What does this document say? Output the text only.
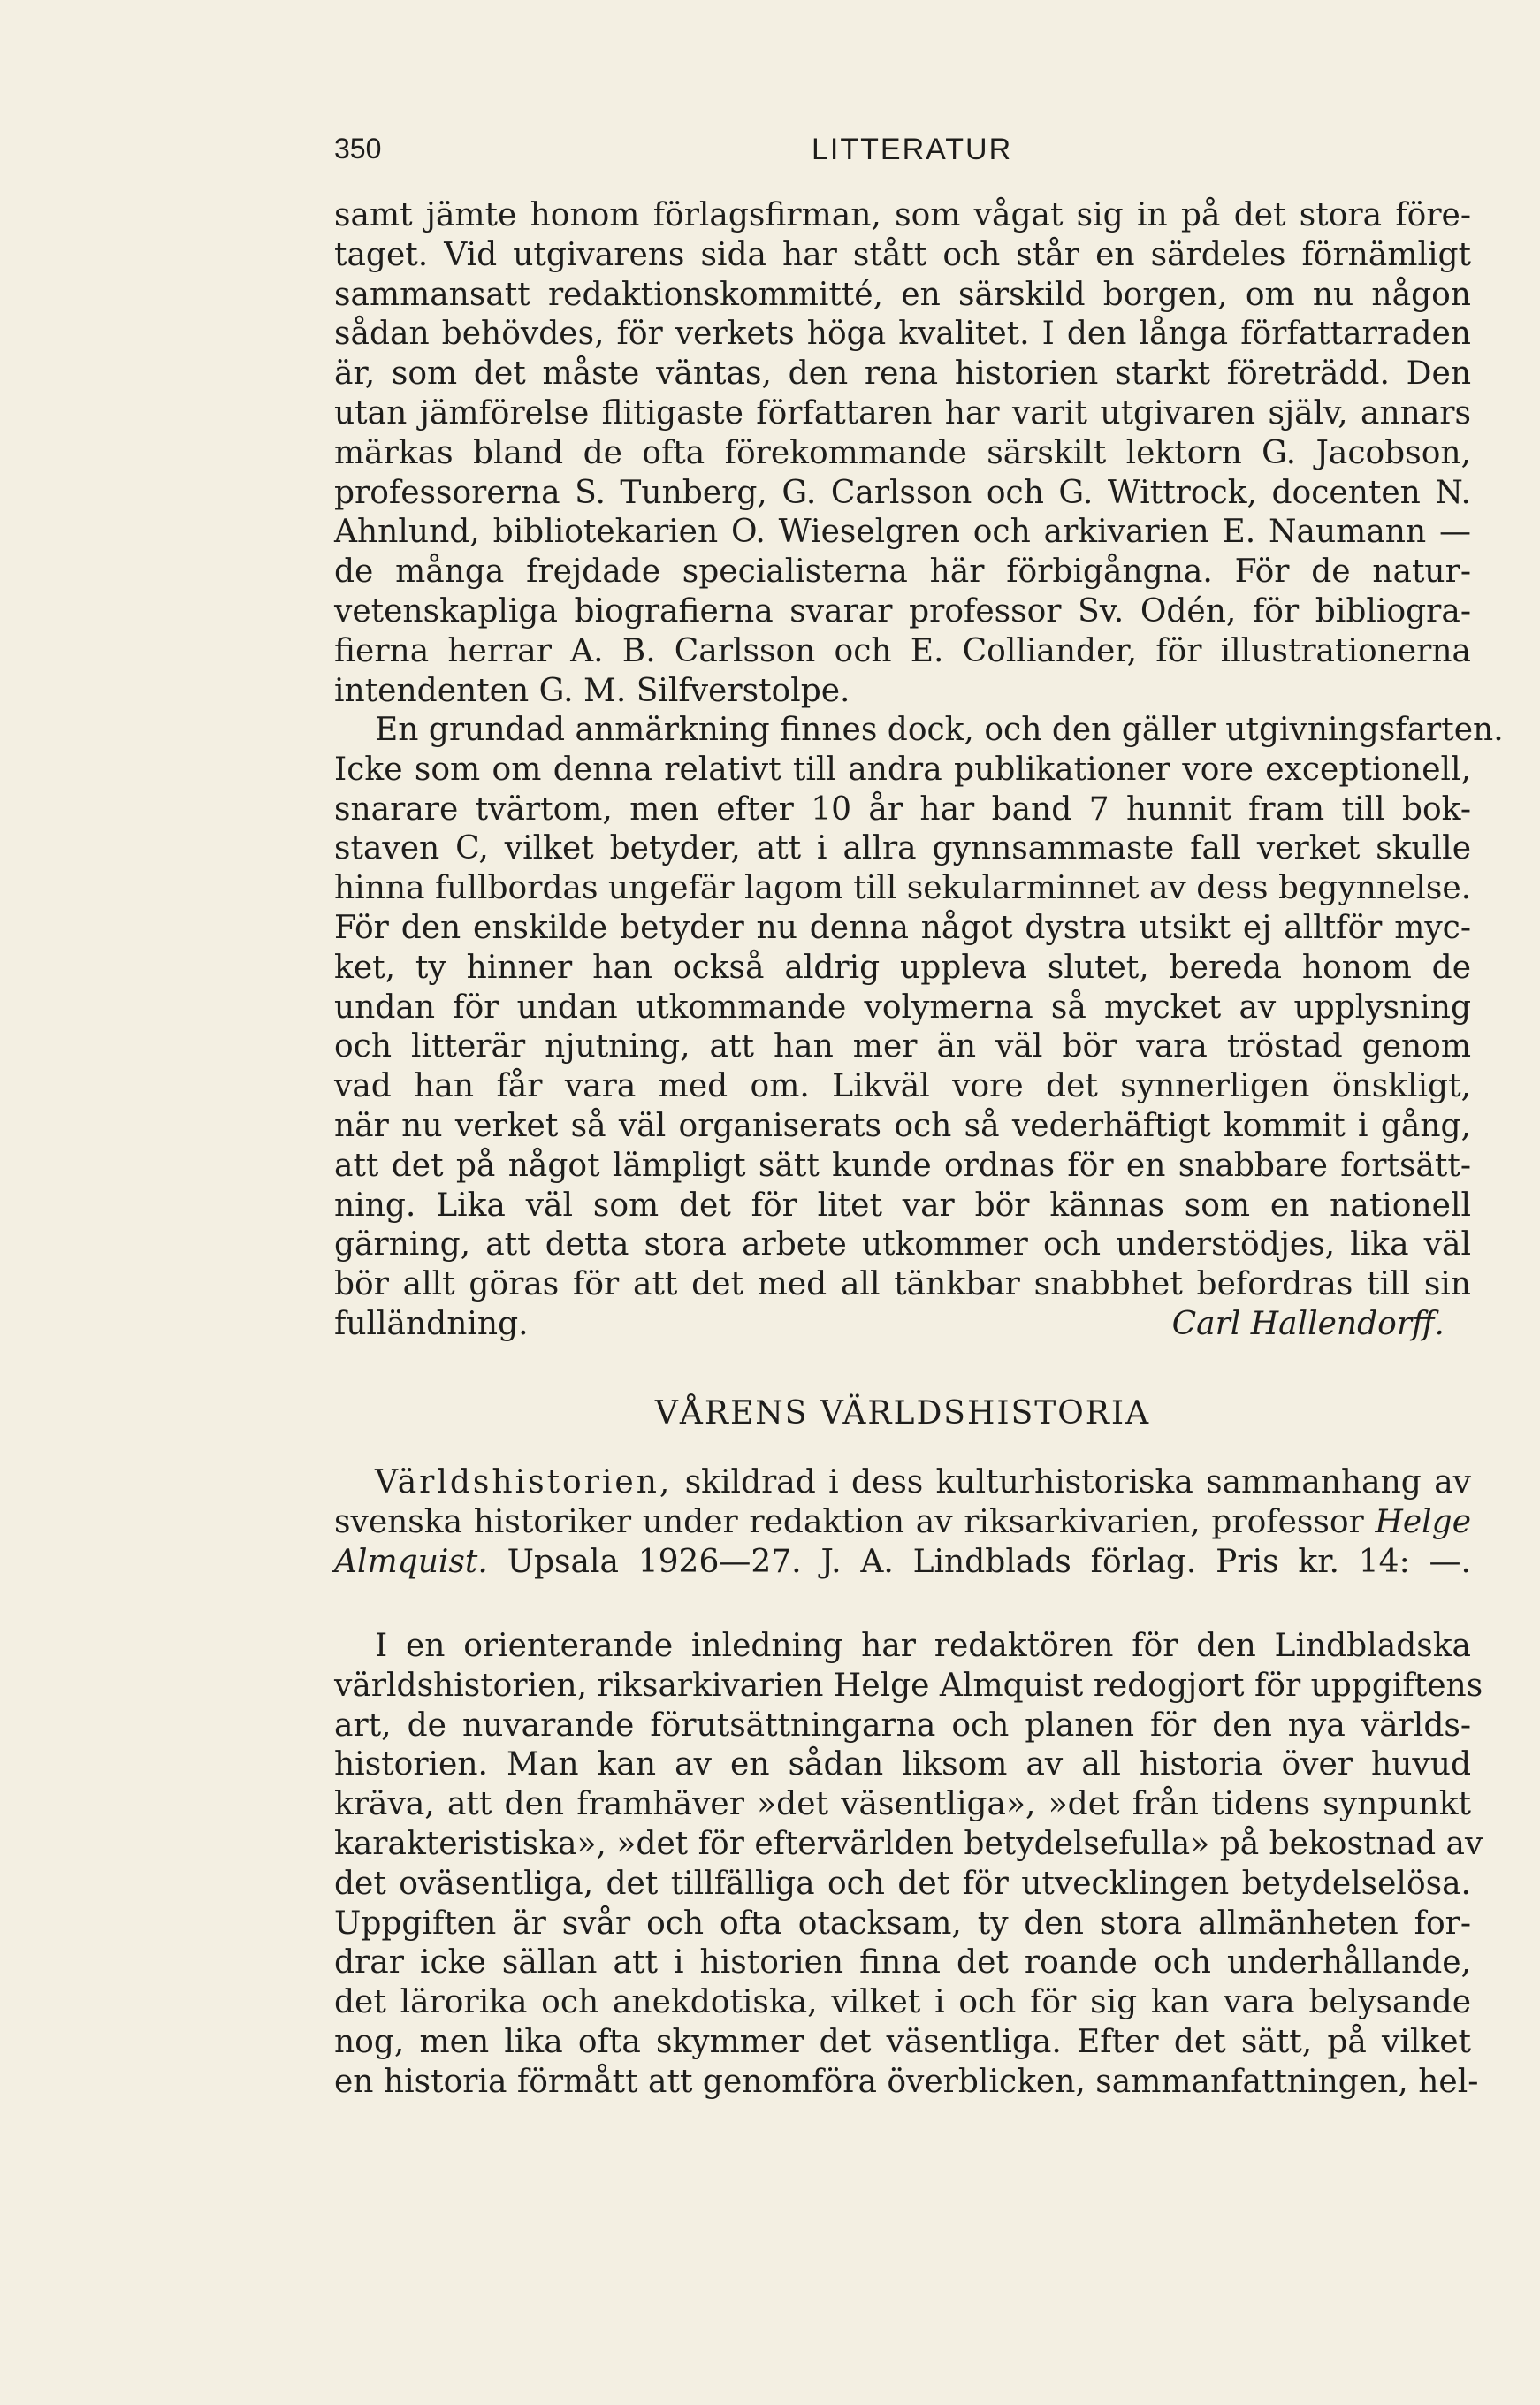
350	LITTERATUR
samt jämte honom förlagsfirman, som vågat sig in på det stora före-
taget. Vid utgivarens sida har stått och står en särdeles förnämligt
sammansatt redaktionskommitté, en särskild borgen, om nu någon
sådan behövdes, för verkets höga kvalitet. I den långa författarraden
är, som det måste väntas, den rena historien starkt företrädd. Den
utan jämförelse flitigaste författaren har varit utgivaren själv, annars
märkas bland de ofta förekommande särskilt lektorn G. Jacobson,
professorerna S. Tunberg, G. Carlsson och G. Wittrock, docenten N.
Ahnlund, bibliotekarien O. Wieselgren och arkivarien E. Naumann —
de många frejdade specialisterna här förbigångna. För de natur-
vetenskapliga biografierna svarar professor Sv. Odén, för bibliogra-
fierna herrar A. B. Carlsson och E. Colliander, för illustrationerna
intendenten G. M. Silfverstolpe.
En grundad anmärkning finnes dock, och den gäller utgivningsfarten.
Icke som om denna relativt till andra publikationer vore exceptionell,
snarare tvärtom, men efter 10 år har band 7 hunnit fram till bok-
staven C, vilket betyder, att i allra gynnsammaste fall verket skulle
hinna fullbordas ungefär lagom till sekularminnet av dess begynnelse.
För den enskilde betyder nu denna något dystra utsikt ej alltför myc-
ket, ty hinner han också aldrig uppleva slutet, bereda honom de
undan för undan utkommande volymerna så mycket av upplysning
och litterär njutning, att han mer än väl bör vara tröstad genom
vad han får vara med om. Likväl vore det synnerligen önskligt,
när nu verket så väl organiserats och så vederhäftigt kommit i gång,
att det på något lämpligt sätt kunde ordnas för en snabbare fortsätt-
ning. Lika väl som det för litet var bör kännas som en nationell
gärning, att detta stora arbete utkommer och understödjes, lika väl
bör allt göras för att det med all tänkbar snabbhet befordras till sin
fulländning.	Carl Hallendorff.
VÅRENS VÄRLDSHISTORIA
Världshistorien, skildrad i dess kulturhistoriska sammanhang av
svenska historiker under redaktion av riksarkivarien, professor Helge
Almquist. Upsala 1926—27. J. A. Lindblads förlag. Pris kr. 14: —.
I en orienterande inledning har redaktören för den Lindbladska
världshistorien, riksarkivarien Helge Almquist redogjort för uppgiftens
art, de nuvarande förutsättningarna och planen för den nya världs-
historien. Man kan av en sådan liksom av all historia över huvud
kräva, att den framhäver »det väsentliga», »det från tidens synpunkt
karakteristiska», »det för eftervärlden betydelsefulla» på bekostnad av
det oväsentliga, det tillfälliga och det för utvecklingen betydelselösa.
Uppgiften är svår och ofta otacksam, ty den stora allmänheten for-
drar icke sällan att i historien finna det roande och underhållande,
det lärorika och anekdotiska, vilket i och för sig kan vara belysande
nog, men lika ofta skymmer det väsentliga. Efter det sätt, på vilket
en historia förmått att genomföra överblicken, sammanfattningen, hel-
